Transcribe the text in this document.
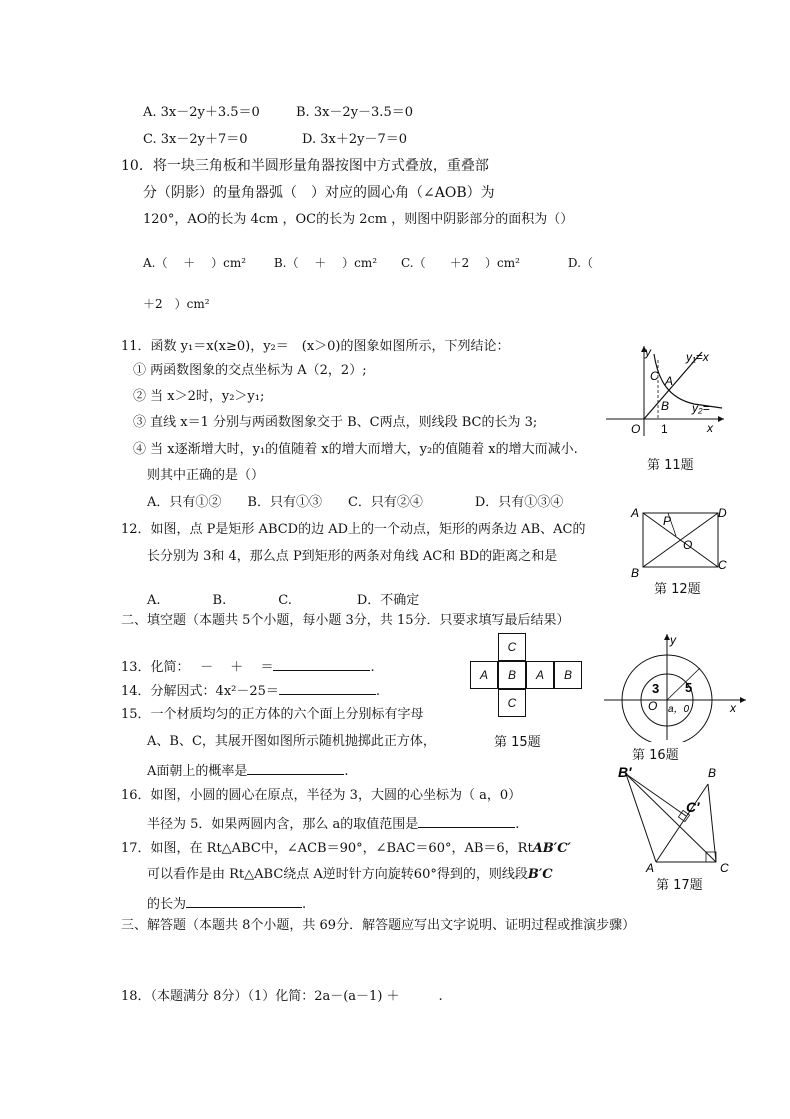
A. 3x－2y＋3.5＝0	B. 3x－2y－3.5＝0
C. 3x－2y＋7＝0	D. 3x＋2y－7＝0
10．将一块三角板和半圆形量角器按图中方式叠放，重叠部
分（阴影）的量角器弧（　）对应的圆心角（∠AOB）为
120°，AO的长为 4cm ，OC的长为 2cm ，则图中阴影部分的面积为（）
A.（　 ＋　 ）cm²　　 B.（　 ＋　 ）cm²　　C.（　　＋2　 ）cm²　　　　D.（
＋2　）cm²
11．函数 y₁＝x(x≥0)，y₂＝　(x＞0)的图象如图所示，下列结论：
① 两函数图象的交点坐标为 A（2，2）;
② 当 x＞2时，y₂＞y₁;
③ 直线 x＝1 分别与两函数图象交于 B、C两点，则线段 BC的长为 3;
④ 当 x逐渐增大时，y₁的值随着 x的增大而增大，y₂的值随着 x的增大而减小.
则其中正确的是（）
A．只有①②　　B．只有①③　　C．只有②④　　　　D．只有①③④
y	y₁=x
C A
B y₂=
O 1	x
第 11题
12．如图，点 P是矩形 ABCD的边 AD上的一个动点，矩形的两条边 AB、AC的
长分别为 3和 4，那么点 P到矩形的两条对角线 AC和 BD的距离之和是
A.　　　　B.　　　　C.　　　　　D．不确定
A	D
P
O
B
C
第 12题
二、填空题（本题共 5个小题，每小题 3分，共 15分．只要求填写最后结果）
13．化简：　 －　 ＋　 ＝	.
14．分解因式：4x²－25＝	.
15．一个材质均匀的正方体的六个面上分别标有字母
A、B、C，其展开图如图所示随机抛掷此正方体，
A面朝上的概率是	.
C
A	B	A	B
C
第 15题
y
3 5
O a，0	x
第 16题
16．如图，小圆的圆心在原点，半径为 3，大圆的心坐标为（ a，0）
半径为 5．如果两圆内含，那么 a的取值范围是	.
17．如图，在 Rt△ABC中，∠ACB＝90°，∠BAC＝60°，AB＝6，RtAB′C′
可以看作是由 Rt△ABC绕点 A逆时针方向旋转60°得到的，则线段B′C
的长为	.
B′	B
C′
A	C
第 17题
三、解答题（本题共 8个小题，共 69分．解答题应写出文字说明、证明过程或推演步骤）
18．（本题满分 8分）（1）化简：2a－(a－1) ＋　　　.
